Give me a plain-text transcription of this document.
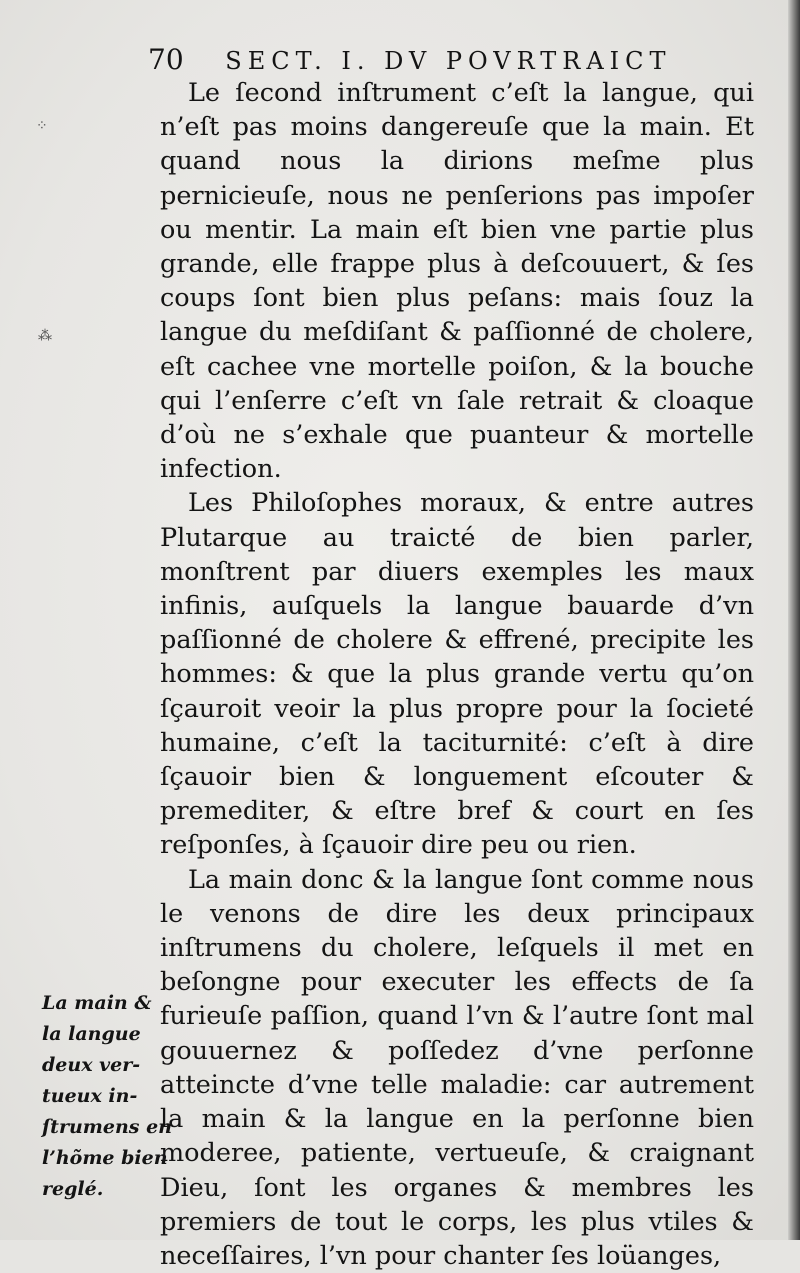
70 SECT. I. DV POVRTRAICT

Le ſecond inſtrument c’eſt la langue, qui n’eſt pas moins dangereuſe que la main. Et quand nous la dirions meſme plus pernicieuſe, nous ne penſerions pas impoſer ou mentir. La main eſt bien vne partie plus grande, elle frappe plus à deſcouuert, & ſes coups ſont bien plus peſans: mais ſouz la langue du meſdiſant & paſſionné de cholere, eſt cachee vne mortelle poiſon, & la bouche qui l’enſerre c’eſt vn ſale retrait & cloaque d’où ne s’exhale que puanteur & mortelle infection.

Les Philoſophes moraux, & entre autres Plutarque au traicté de bien parler, monſtrent par diuers exemples les maux infinis, auſquels la langue bauarde d’vn paſſionné de cholere & effrené, precipite les hommes: & que la plus grande vertu qu’on ſçauroit veoir la plus propre pour la ſocieté humaine, c’eſt la taciturnité: c’eſt à dire ſçauoir bien & longuement eſcouter & premediter, & eſtre bref & court en ſes reſponſes, à ſçauoir dire peu ou rien.

La main donc & la langue ſont comme nous le venons de dire les deux principaux inſtrumens du cholere, leſquels il met en beſongne pour executer les effects de ſa furieuſe paſſion, quand l’vn & l’autre ſont mal gouuernez & poſſedez d’vne perſonne atteincte d’vne telle maladie: car autrement la main & la langue en la perſonne bien moderee, patiente, vertueuſe, & craignant Dieu, ſont les organes & membres les premiers de tout le corps, les plus vtiles & neceſſaires, l’vn pour chanter ſes loüanges,

La main &
la langue
deux ver-
tueux in-
ſtrumens en
l’hõme bien
reglé.
⁘
⁂
